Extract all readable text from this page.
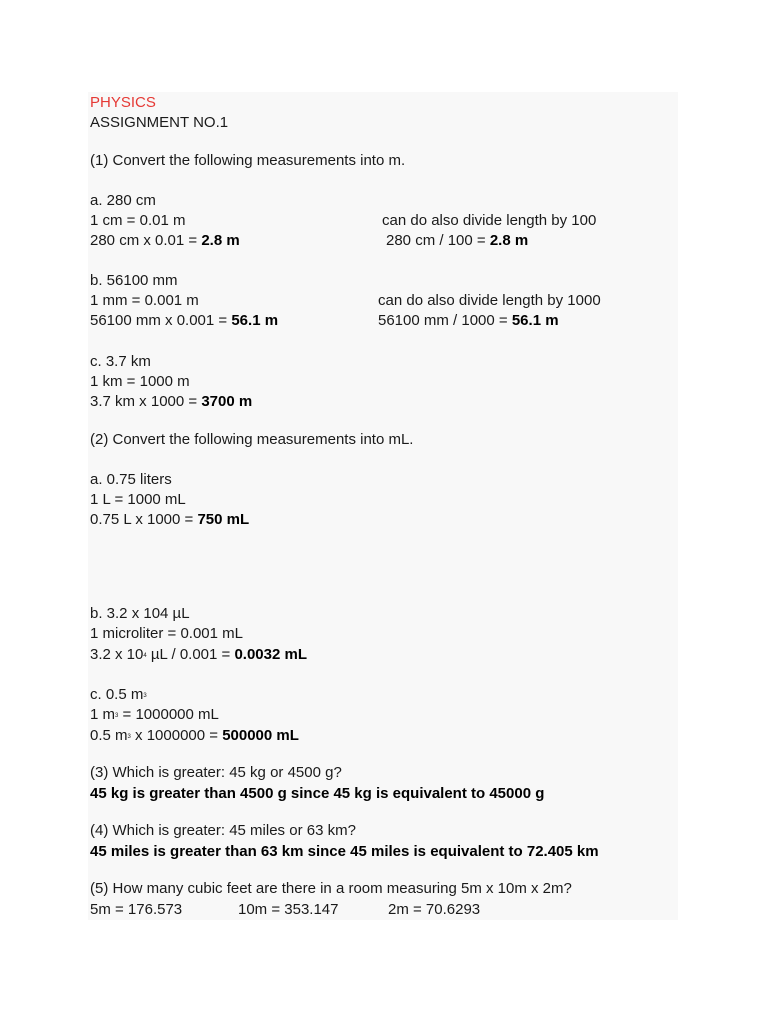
PHYSICS
ASSIGNMENT NO.1
(1) Convert the following measurements into m.
a. 280 cm
1 cm = 0.01 m	can do also divide length by 100
280 cm x 0.01 = 2.8 m	280 cm / 100 = 2.8 m
b. 56100 mm
1 mm = 0.001 m	can do also divide length by 1000
56100 mm x 0.001 = 56.1 m	56100 mm / 1000 = 56.1 m
c. 3.7 km
1 km = 1000 m
3.7 km x 1000 = 3700 m
(2) Convert the following measurements into mL.
a. 0.75 liters
1 L = 1000 mL
0.75 L x 1000 = 750 mL
b. 3.2 x 104 µL
1 microliter = 0.001 mL
3.2 x $10^4$ µL / 0.001 = 0.0032 mL
c. 0.5 $m^3$
1 $m^3 = 1000000$ mL
0.5 $m^3$ x 1000000 = 500000 mL
(3) Which is greater: 45 kg or 4500 g?
45 kg is greater than 4500 g since 45 kg is equivalent to 45000 g
(4) Which is greater: 45 miles or 63 km?
45 miles is greater than 63 km since 45 miles is equivalent to 72.405 km
(5) How many cubic feet are there in a room measuring 5m x 10m x 2m?
5m = 176.573	10m = 353.147	2m = 70.6293
